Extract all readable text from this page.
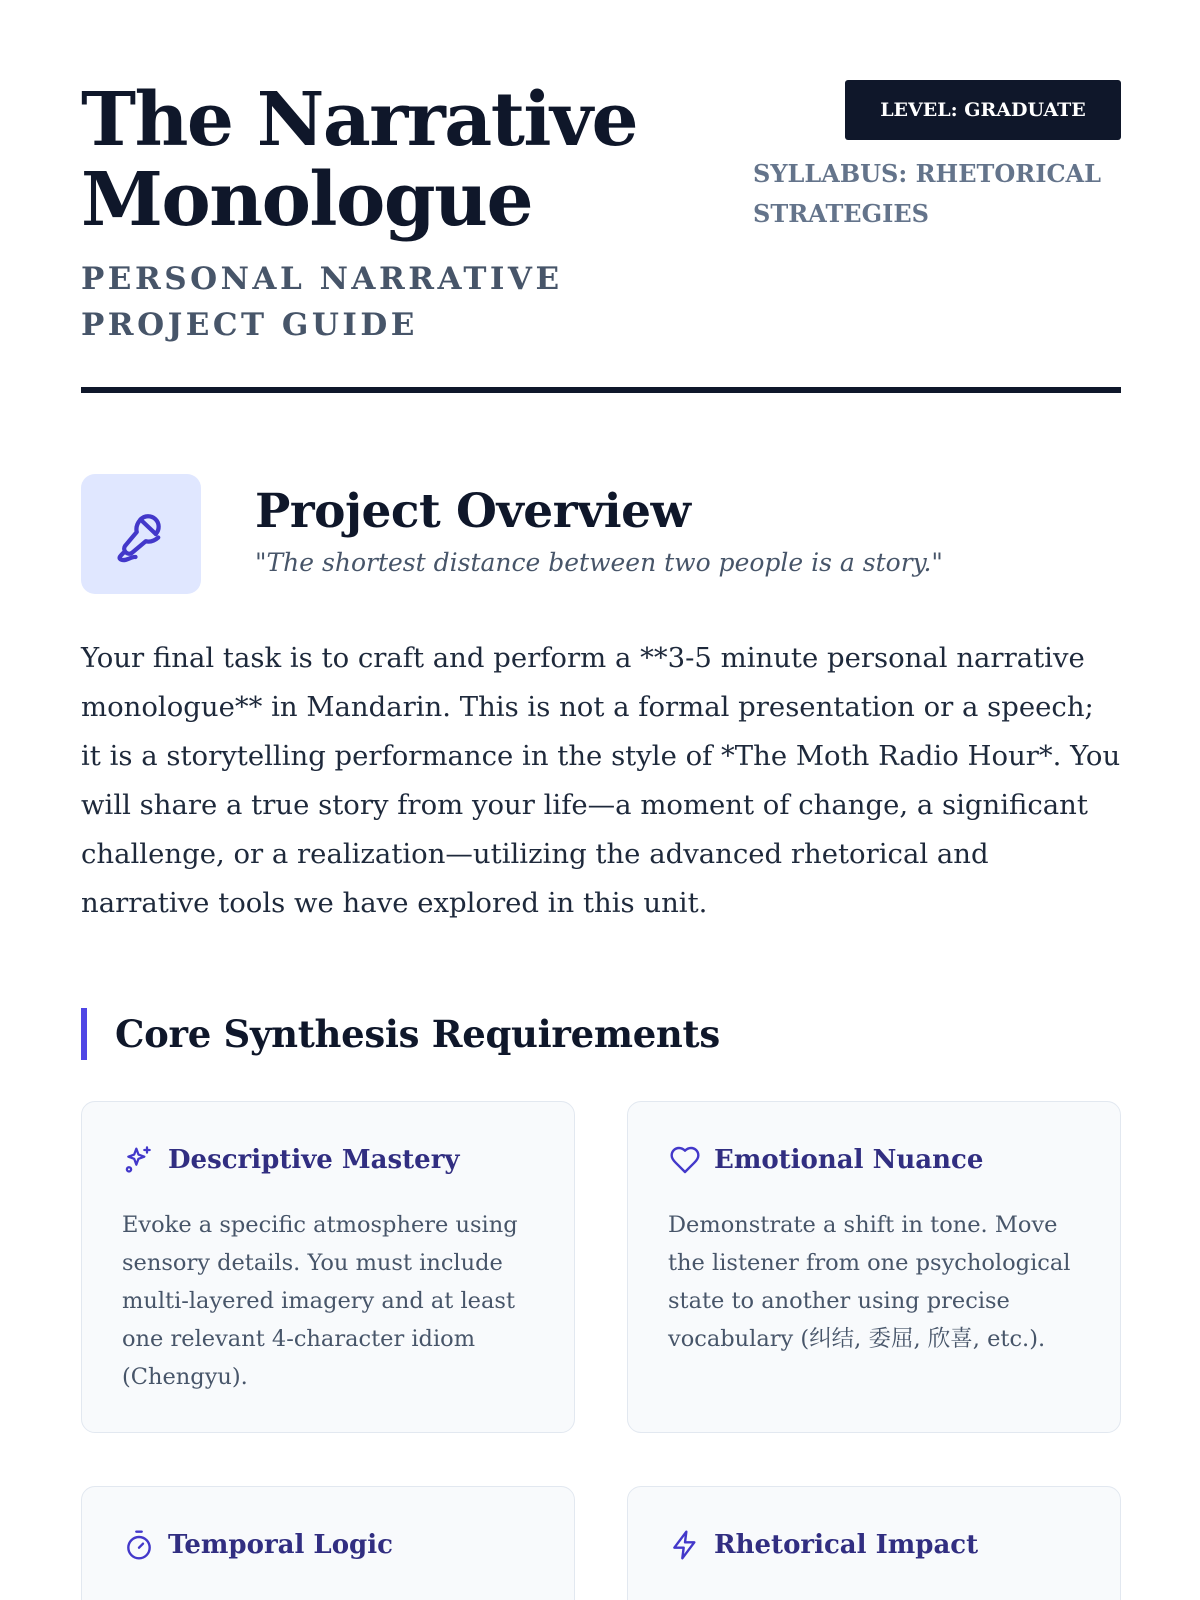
The Narrative
Monologue
PERSONAL NARRATIVE PROJECT GUIDE
LEVEL: GRADUATE
SYLLABUS: RHETORICAL STRATEGIES
Project Overview

"The shortest distance between two people is a story."

Your final task is to craft and perform a **3-5 minute personal narrative monologue** in Mandarin. This is not a formal presentation or a speech; it is a storytelling performance in the style of *The Moth Radio Hour*. You will share a true story from your life—a moment of change, a significant challenge, or a realization—utilizing the advanced rhetorical and narrative tools we have explored in this unit.

Core Synthesis Requirements
Descriptive Mastery

Evoke a specific atmosphere using sensory details. You must include multi-layered imagery and at least one relevant 4-character idiom (Chengyu).

Emotional Nuance

Demonstrate a shift in tone. Move the listener from one psychological state to another using precise vocabulary (纠结, 委屈, 欣喜, etc.).

Temporal Logic	Rhetorical Impact
